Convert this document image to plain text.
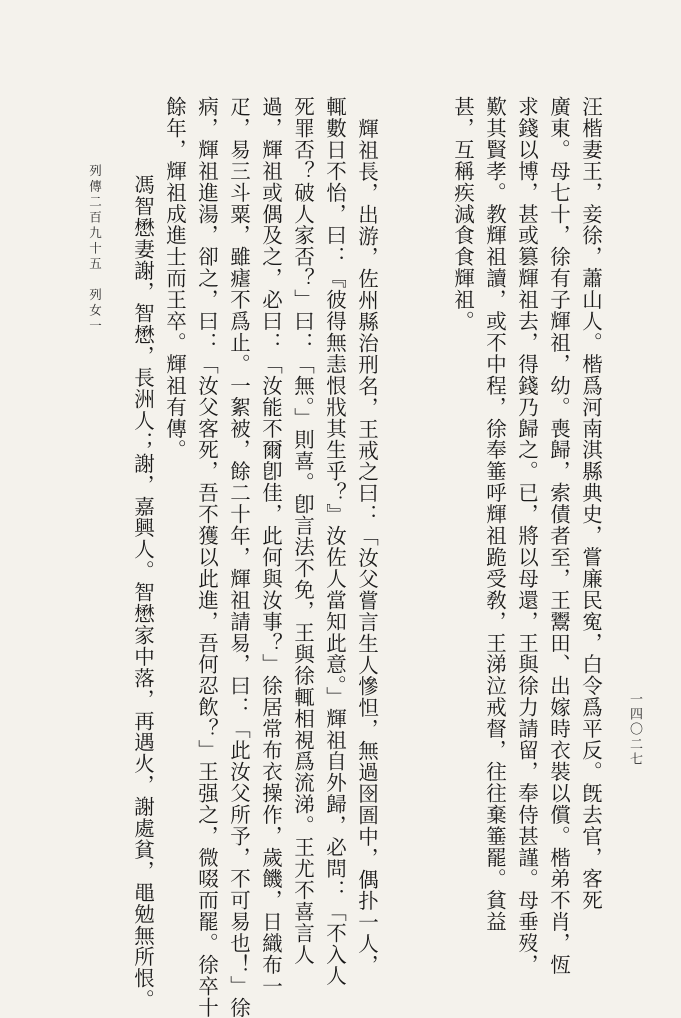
一四〇二七
汪楷妻王，妾徐，蕭山人。楷爲河南淇縣典史，嘗廉民寃，白令爲平反。旣去官，客死
廣東。母七十，徐有子輝祖，幼。喪歸，索債者至，王鬻田、出嫁時衣裝以償。楷弟不肖，恆
求錢以博，甚或篡輝祖去，得錢乃歸之。已，將以母還，王與徐力請留，奉侍甚謹。母垂歿，
歎其賢孝。教輝祖讀，或不中程，徐奉箠呼輝祖跪受敎，王涕泣戒督，往往棄箠罷。貧益
甚，互稱疾減食食輝祖。
輝祖長，出游，佐州縣治刑名，王戒之曰：「汝父嘗言生人慘怛，無過囹圄中，偶扑一人，
輒數日不怡，曰：『彼得無恚恨戕其生乎？』汝佐人當知此意。」輝祖自外歸，必問：「不入人
死罪否？破人家否？」曰：「無。」則喜。卽言法不免，王與徐輒相視爲流涕。王尤不喜言人
過，輝祖或偶及之，必曰：「汝能不爾卽佳，此何與汝事？」徐居常布衣操作，歲饑，日織布一
疋，易三斗粟，雖瘧不爲止。一絮被，餘二十年，輝祖請易，曰：「此汝父所予，不可易也！」徐
病，輝祖進湯，卻之，曰：「汝父客死，吾不獲以此進，吾何忍飲？」王强之，微啜而罷。徐卒十
餘年，輝祖成進士而王卒。輝祖有傳。
馮智懋妻謝，智懋，長洲人；謝，嘉興人。智懋家中落，再遇火，謝處貧，黽勉無所恨。
列傳二百九十五　列女一
